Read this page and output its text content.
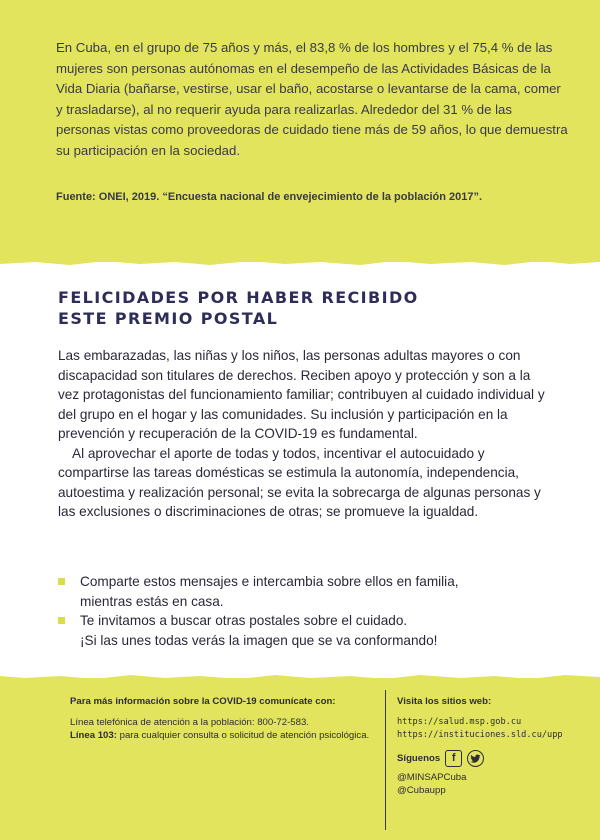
En Cuba, en el grupo de 75 años y más, el 83,8 % de los hombres y el 75,4 % de las mujeres son personas autónomas en el desempeño de las Actividades Básicas de la Vida Diaria (bañarse, vestirse, usar el baño, acostarse o levantarse de la cama, comer y trasladarse), al no requerir ayuda para realizarlas. Alrededor del 31 % de las personas vistas como proveedoras de cuidado tiene más de 59 años, lo que demuestra su participación en la sociedad.
Fuente: ONEI, 2019. “Encuesta nacional de envejecimiento de la población 2017”.
FELICIDADES POR HABER RECIBIDO
ESTE PREMIO POSTAL

Las embarazadas, las niñas y los niños, las personas adultas mayores o con discapacidad son titulares de derechos. Reciben apoyo y protección y son a la vez protagonistas del funcionamiento familiar; contribuyen al cuidado individual y del grupo en el hogar y las comunidades. Su inclusión y participación en la prevención y recuperación de la COVID-19 es fundamental.

Al aprovechar el aporte de todas y todos, incentivar el autocuidado y compartirse las tareas domésticas se estimula la autonomía, independencia, autoestima y realización personal; se evita la sobrecarga de algunas personas y las exclusiones o discriminaciones de otras; se promueve la igualdad.

Comparte estos mensajes e intercambia sobre ellos en familia,
mientras estás en casa.
Te invitamos a buscar otras postales sobre el cuidado.
¡Si las unes todas verás la imagen que se va conformando!
Para más información sobre la COVID-19 comunícate con:
Línea telefónica de atención a la población: 800-72-583.
Línea 103: para cualquier consulta o solicitud de atención psicológica.
Visita los sitios web:
https://salud.msp.gob.cu
https://instituciones.sld.cu/upp
Síguenos	f
@MINSAPCuba
@Cubaupp
